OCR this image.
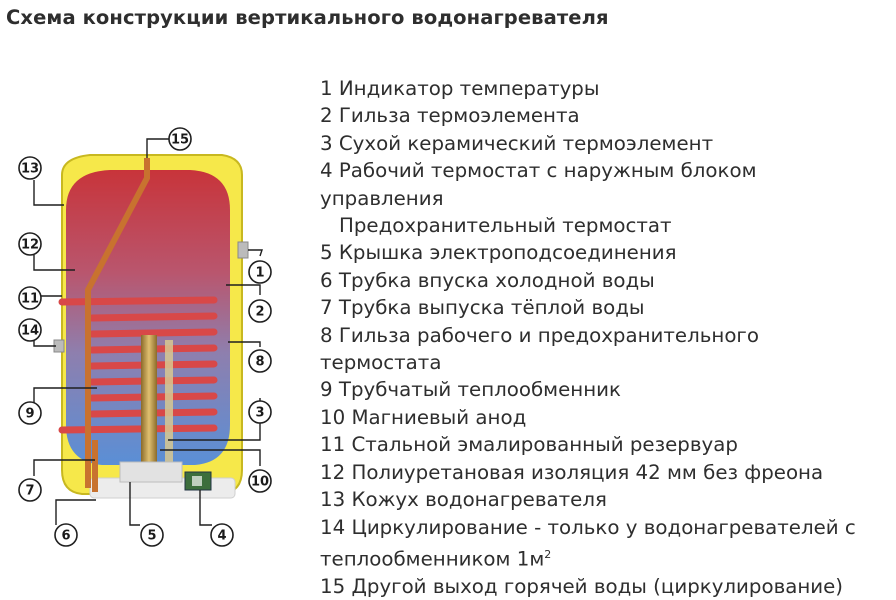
Схема конструкции вертикального водонагревателя
1
2
3
4
5
6
7
8
9
10
11
12
13
14
15
1 Индикатор температуры
2 Гильза термоэлемента
3 Сухой керамический термоэлемент
4 Рабочий термостат с наружным блоком
управления
Предохранительный термостат
5 Крышка электроподсоединения
6 Трубка впуска холодной воды
7 Трубка выпуска тёплой воды
8 Гильза рабочего и предохранительного
термостата
9 Трубчатый теплообменник
10 Магниевый анод
11 Стальной эмалированный резервуар
12 Полиуретановая изоляция 42 мм без фреона
13 Кожух водонагревателя
14 Циркулирование - только у водонагревателей с
теплообменником $1м^2$
15 Другой выход горячей воды (циркулирование)
